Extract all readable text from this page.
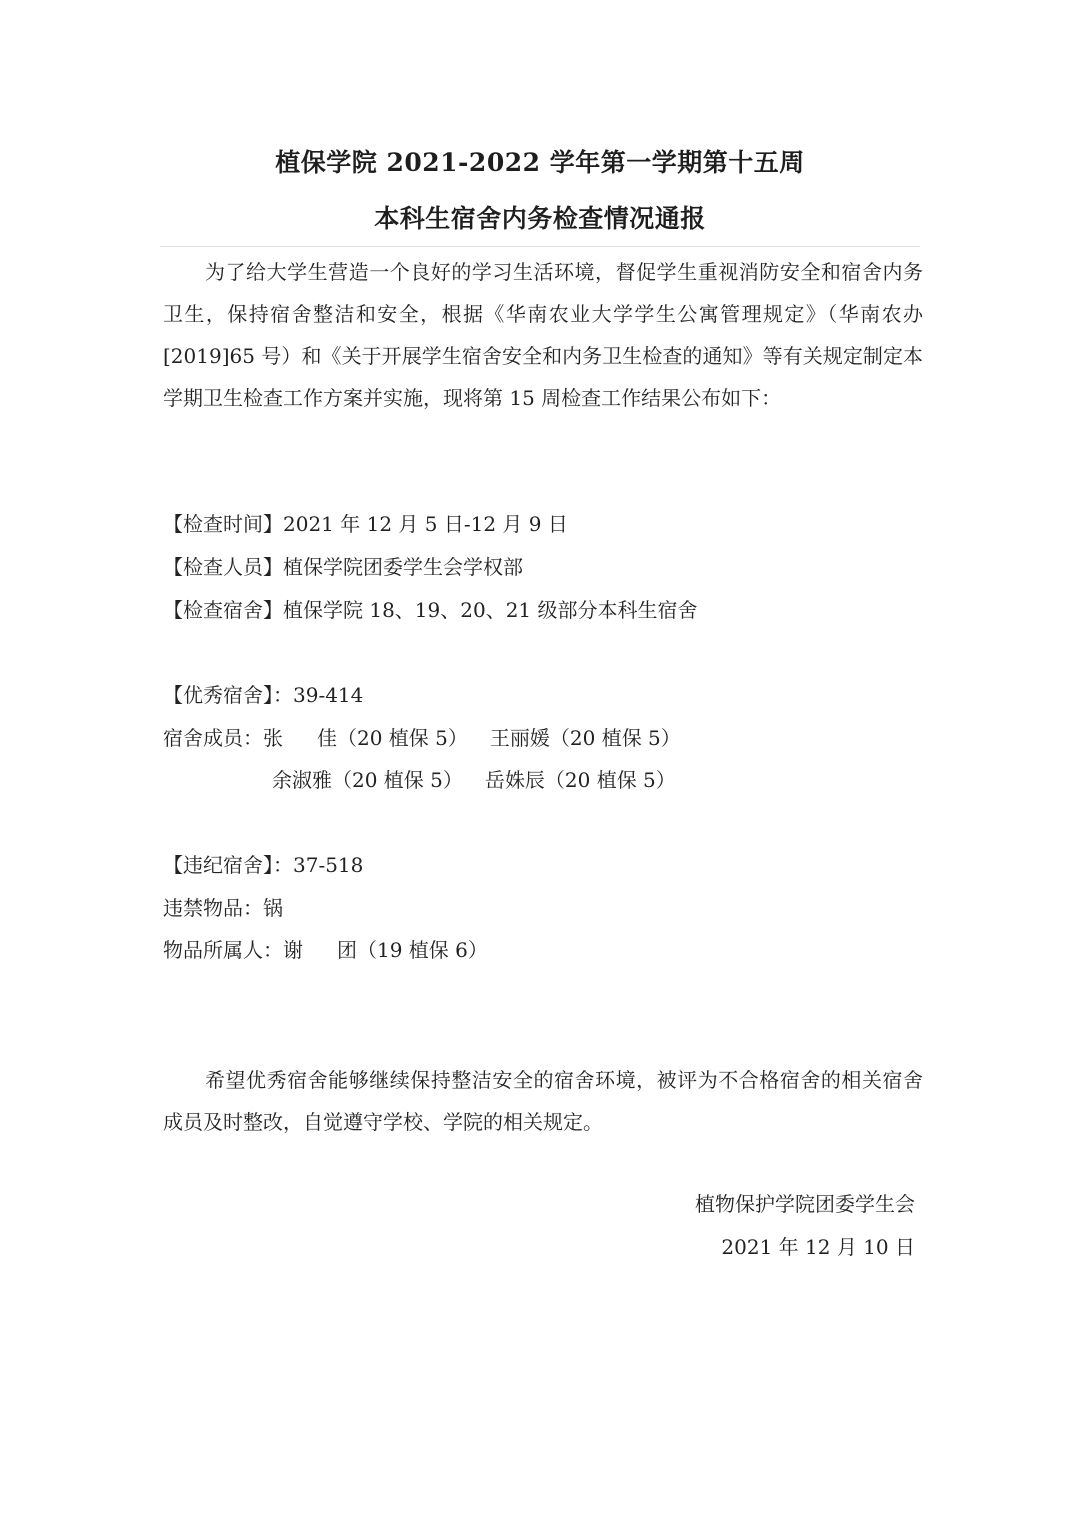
植保学院 2021-2022 学年第一学期第十五周
本科生宿舍内务检查情况通报
为了给大学生营造一个良好的学习生活环境，督促学生重视消防安全和宿舍内务卫生，保持宿舍整洁和安全，根据《华南农业大学学生公寓管理规定》（华南农办[2019]65 号）和《关于开展学生宿舍安全和内务卫生检查的通知》等有关规定制定本学期卫生检查工作方案并实施，现将第 15 周检查工作结果公布如下：
【检查时间】2021 年 12 月 5 日-12 月 9 日
【检查人员】植保学院团委学生会学权部
【检查宿舍】植保学院 18、19、20、21 级部分本科生宿舍
【优秀宿舍】：39-414
宿舍成员：张 佳（20 植保 5） 王丽媛（20 植保 5）
余淑雅（20 植保 5） 岳姝辰（20 植保 5）
【违纪宿舍】：37-518
违禁物品：锅
物品所属人：谢 团（19 植保 6）
希望优秀宿舍能够继续保持整洁安全的宿舍环境，被评为不合格宿舍的相关宿舍成员及时整改，自觉遵守学校、学院的相关规定。
植物保护学院团委学生会
2021 年 12 月 10 日
